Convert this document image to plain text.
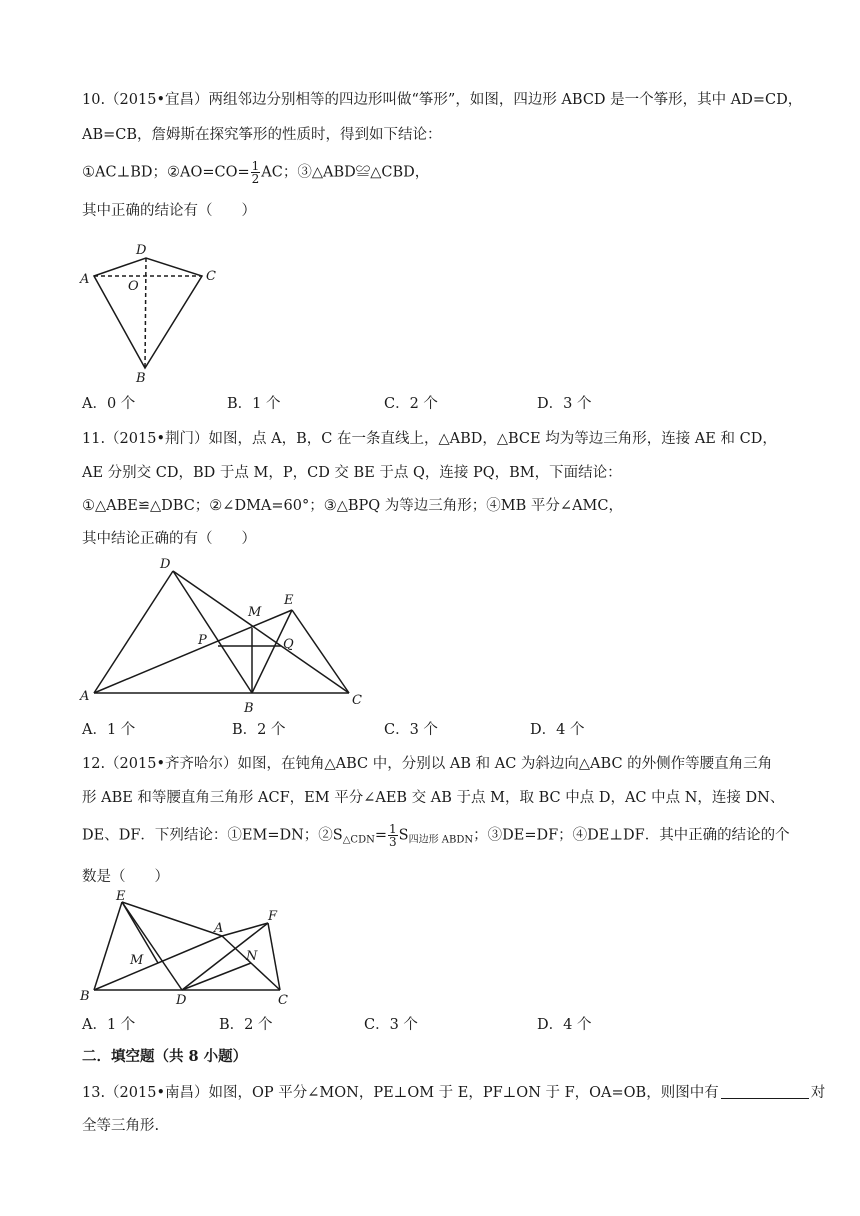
10.（2015•宜昌）两组邻边分别相等的四边形叫做“筝形”，如图，四边形 ABCD 是一个筝形，其中 AD=CD，
AB=CB，詹姆斯在探究筝形的性质时，得到如下结论：
①AC⊥BD；②AO=CO= $\frac{1}{2}$ AC；③△ABD≌△CBD，
其中正确的结论有（　　）
A
D
C
O
B
A．0 个	B．1 个	C．2 个	D．3 个
11.（2015•荆门）如图，点 A，B，C 在一条直线上，△ABD，△BCE 均为等边三角形，连接 AE 和 CD，
AE 分别交 CD，BD 于点 M，P，CD 交 BE 于点 Q，连接 PQ，BM，下面结论：
①△ABE≌△DBC；②∠DMA=60°；③△BPQ 为等边三角形；④MB 平分∠AMC，
其中结论正确的有（　　）
A
D
E
M
P	Q
B
C
A．1 个	B．2 个	C．3 个	D．4 个
12.（2015•齐齐哈尔）如图，在钝角△ABC 中，分别以 AB 和 AC 为斜边向△ABC 的外侧作等腰直角三角
形 ABE 和等腰直角三角形 ACF，EM 平分∠AEB 交 AB 于点 M，取 BC 中点 D，AC 中点 N，连接 DN、
DE、DF．下列结论：①EM=DN；$②S_{\triangle CDN}= \frac{1}{3} S_{四边形 ABDN}$；③DE=DF；④DE⊥DF．其中正确的结论的个
数是（　　）
E
A
F
M	N
B	D	C
A．1 个	B．2 个	C．3 个	D．4 个
二．填空题（共 8 小题）
13.（2015•南昌）如图，OP 平分∠MON，PE⊥OM 于 E，PF⊥ON 于 F，OA=OB，则图中有	对
全等三角形.
